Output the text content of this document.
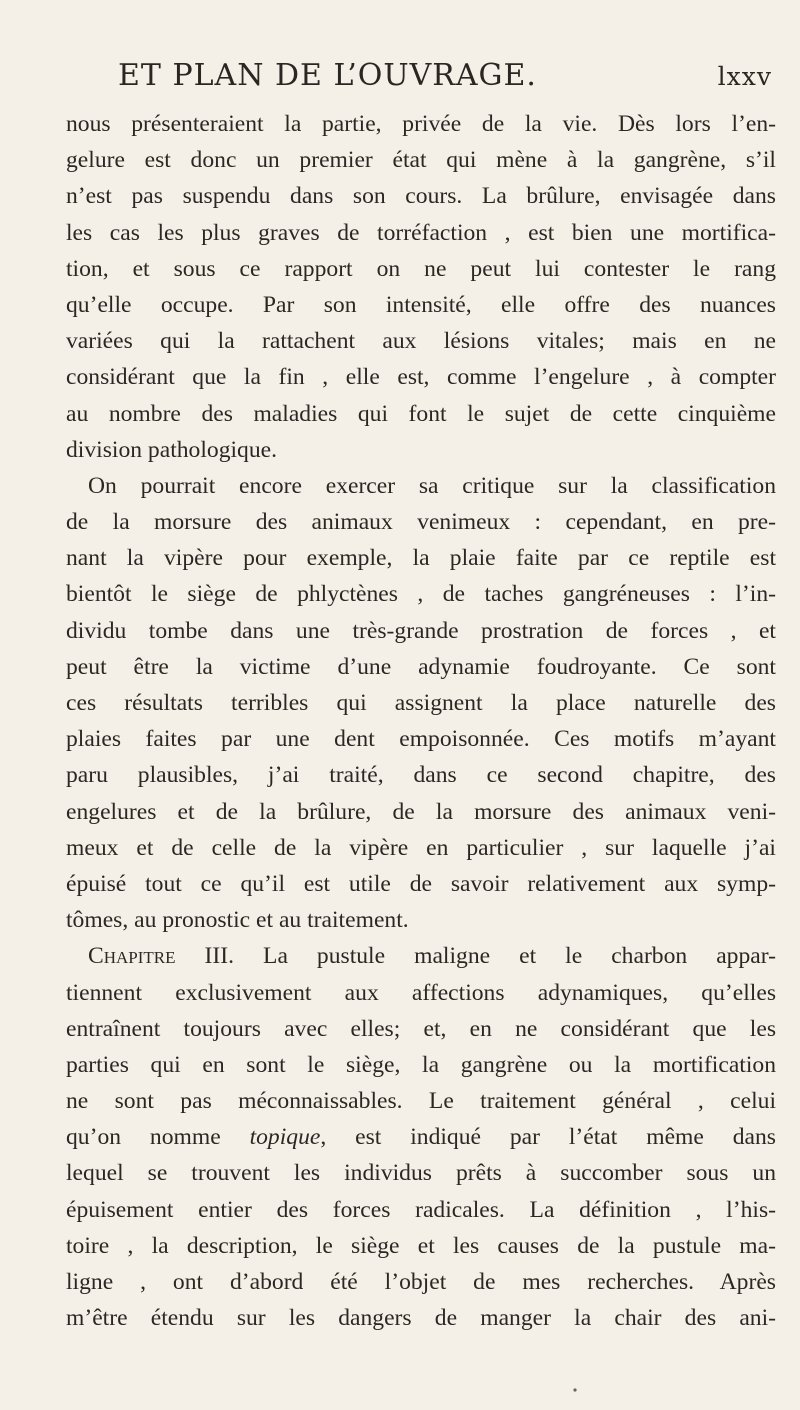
ET PLAN DE L’OUVRAGE.	lxxv
nous présenteraient la partie, privée de la vie. Dès lors l’en-
gelure est donc un premier état qui mène à la gangrène, s’il
n’est pas suspendu dans son cours. La brûlure, envisagée dans
les cas les plus graves de torréfaction , est bien une mortifica-
tion, et sous ce rapport on ne peut lui contester le rang
qu’elle occupe. Par son intensité, elle offre des nuances
variées qui la rattachent aux lésions vitales; mais en ne
considérant que la fin , elle est, comme l’engelure , à compter
au nombre des maladies qui font le sujet de cette cinquième
division pathologique.
On pourrait encore exercer sa critique sur la classification
de la morsure des animaux venimeux : cependant, en pre-
nant la vipère pour exemple, la plaie faite par ce reptile est
bientôt le siège de phlyctènes , de taches gangréneuses : l’in-
dividu tombe dans une très-grande prostration de forces , et
peut être la victime d’une adynamie foudroyante. Ce sont
ces résultats terribles qui assignent la place naturelle des
plaies faites par une dent empoisonnée. Ces motifs m’ayant
paru plausibles, j’ai traité, dans ce second chapitre, des
engelures et de la brûlure, de la morsure des animaux veni-
meux et de celle de la vipère en particulier , sur laquelle j’ai
épuisé tout ce qu’il est utile de savoir relativement aux symp-
tômes, au pronostic et au traitement.
Chapitre III. La pustule maligne et le charbon appar-
tiennent exclusivement aux affections adynamiques, qu’elles
entraînent toujours avec elles; et, en ne considérant que les
parties qui en sont le siège, la gangrène ou la mortification
ne sont pas méconnaissables. Le traitement général , celui
qu’on nomme topique, est indiqué par l’état même dans
lequel se trouvent les individus prêts à succomber sous un
épuisement entier des forces radicales. La définition , l’his-
toire , la description, le siège et les causes de la pustule ma-
ligne , ont d’abord été l’objet de mes recherches. Après
m’être étendu sur les dangers de manger la chair des ani-
